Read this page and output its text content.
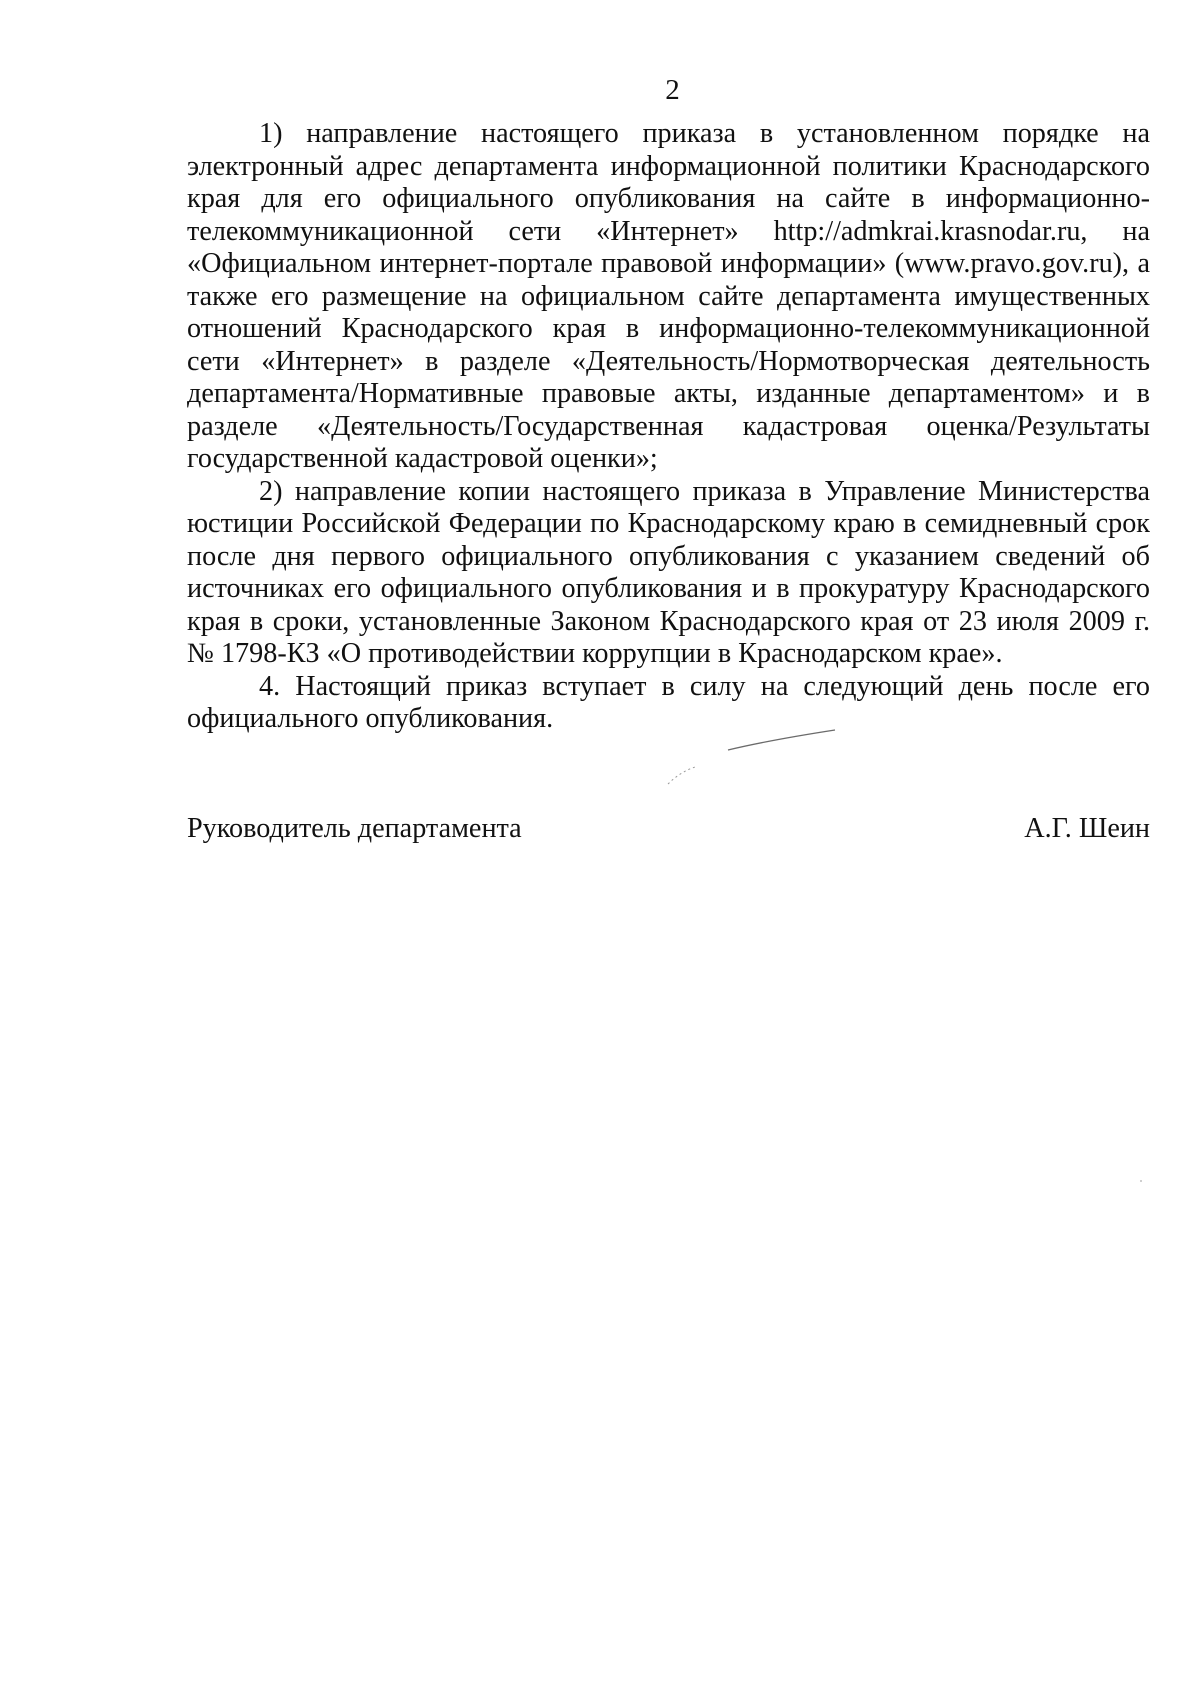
2

1) направление настоящего приказа в установленном порядке на электронный адрес департамента информационной политики Краснодарского края для его официального опубликования на сайте в информационно-телекоммуникационной сети «Интернет» http://admkrai.krasnodar.ru, на «Официальном интернет-портале правовой информации» (www.pravo.gov.ru), а также его размещение на официальном сайте департамента имущественных отношений Краснодарского края в информационно-телекоммуникационной сети «Интернет» в разделе «Деятельность/Нормотворческая деятельность департамента/Нормативные правовые акты, изданные департаментом» и в разделе «Деятельность/Государственная кадастровая оценка/Результаты государственной кадастровой оценки»;

2) направление копии настоящего приказа в Управление Министерства юстиции Российской Федерации по Краснодарскому краю в семидневный срок после дня первого официального опубликования с указанием сведений об источниках его официального опубликования и в прокуратуру Краснодарского края в сроки, установленные Законом Краснодарского края от 23 июля 2009 г. № 1798-КЗ «О противодействии коррупции в Краснодарском крае».

4. Настоящий приказ вступает в силу на следующий день после его официального опубликования.

Руководитель департамента	А.Г. Шеин
